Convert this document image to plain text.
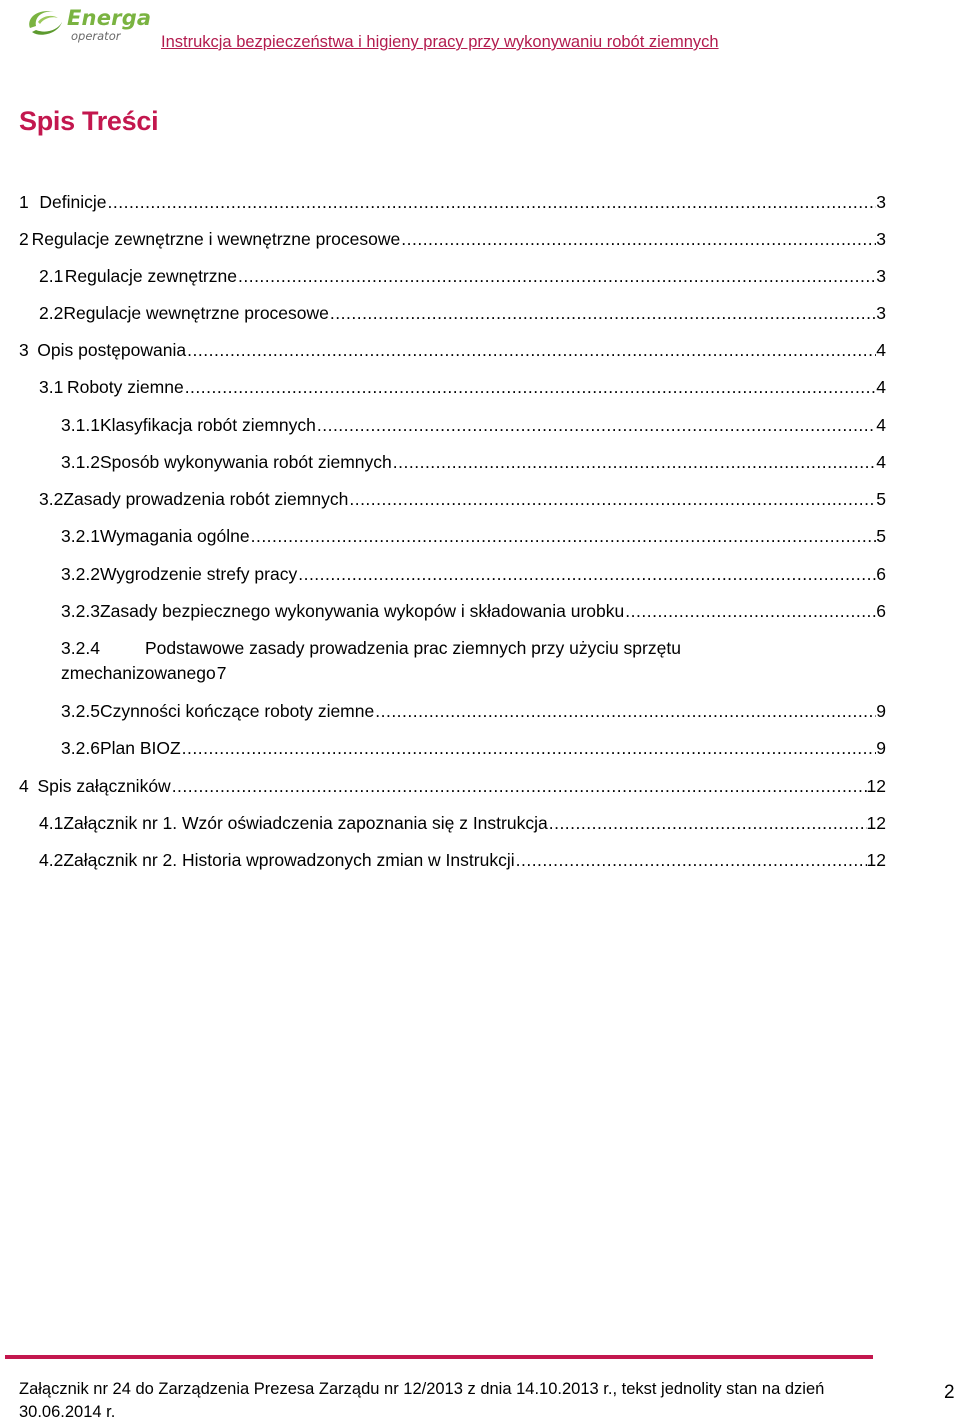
Energa
operator Instrukcja bezpieczeństwa i higieny pracy przy wykonywaniu robót ziemnych
Spis Treści
1 Definicje .....	3
2 Regulacje zewnętrzne i wewnętrzne procesowe .....	3
2.1 Regulacje zewnętrzne .....	3
2.2 Regulacje wewnętrzne procesowe .....	3
3 Opis postępowania .....	4
3.1 Roboty ziemne .....	4
3.1.1 Klasyfikacja robót ziemnych .....	4
3.1.2 Sposób wykonywania robót ziemnych .....	4
3.2 Zasady prowadzenia robót ziemnych .....	5
3.2.1 Wymagania ogólne .....	5
3.2.2 Wygrodzenie strefy pracy .....	6
3.2.3 Zasady bezpiecznego wykonywania wykopów i składowania urobku .....	6
3.2.4	Podstawowe zasady prowadzenia prac ziemnych przy użyciu sprzętu
zmechanizowanego 7
3.2.5 Czynności kończące roboty ziemne .....	9
3.2.6 Plan BIOZ .....	9
4 Spis załączników .....	12
4.1 Załącznik nr 1. Wzór oświadczenia zapoznania się z Instrukcja .....	12
4.2 Załącznik nr 2. Historia wprowadzonych zmian w Instrukcji .....	12
Załącznik nr 24 do Zarządzenia Prezesa Zarządu nr 12/2013 z dnia 14.10.2013 r., tekst jednolity stan na dzień 30.06.2014 r.
2
